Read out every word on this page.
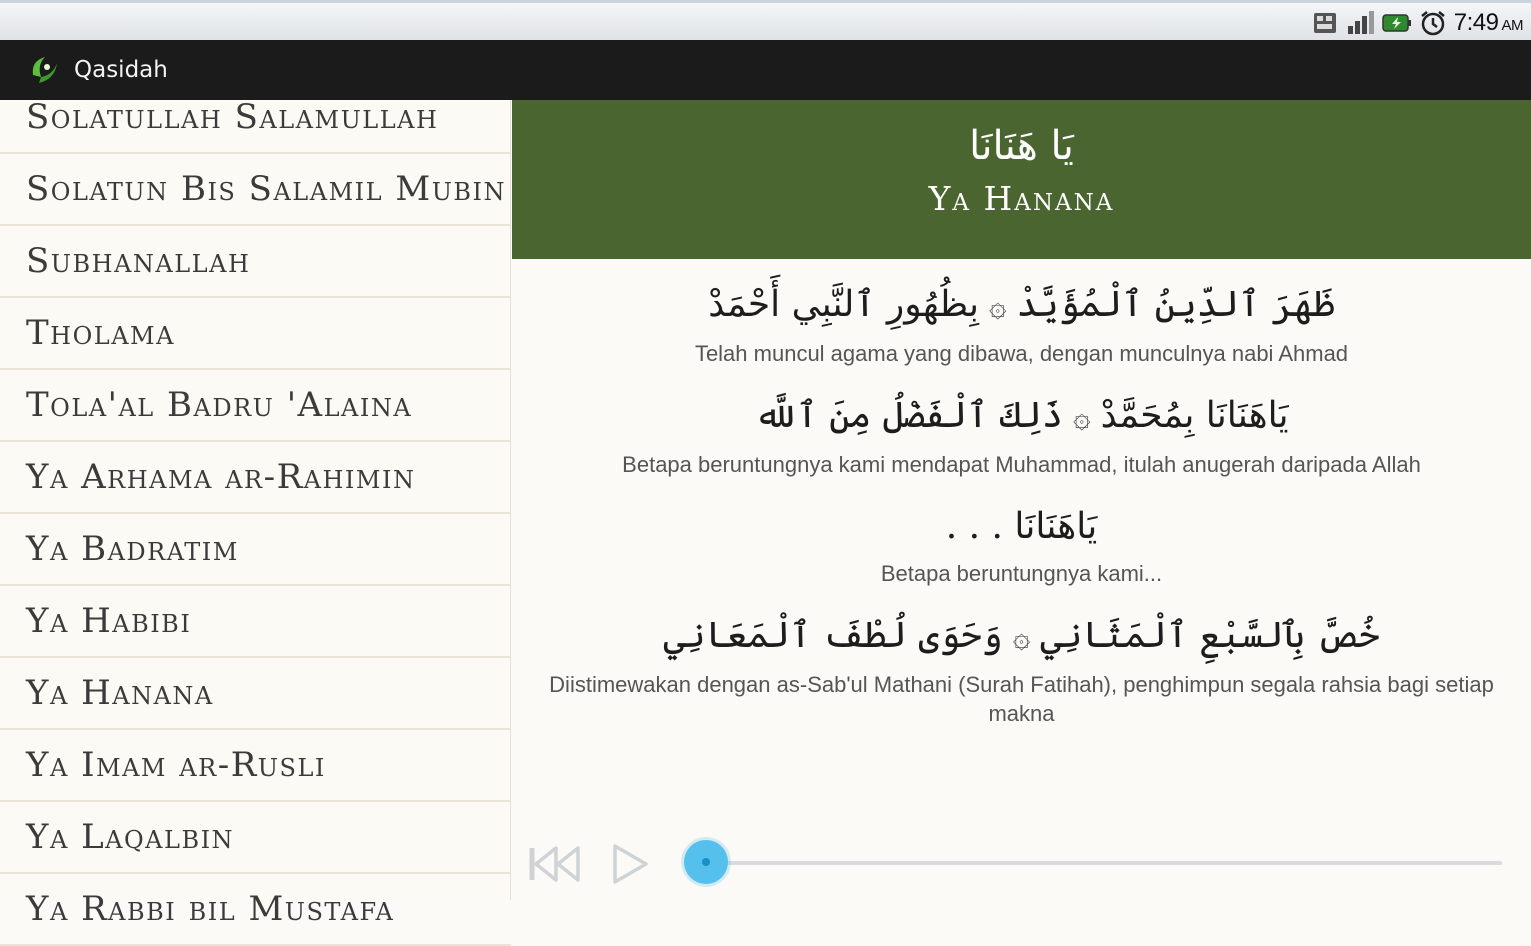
7:49 AM
Qasidah
Solatullah Salamullah
Solatun Bis Salamil Mubin
Subhanallah
Tholama
Tola'al Badru 'Alaina
Ya Arhama ar-Rahimin
Ya Badratim
Ya Habibi
Ya Hanana
Ya Imam ar-Rusli
Ya Laqalbin
Ya Rabbi bil Mustafa
يَا هَنَانَا
Ya Hanana
ظَهَرَ ٱلدِّينُ ٱلْمُؤَيَّدْ۞بِظُهُورِ ٱلنَّبِي أَحْمَدْ
Telah muncul agama yang dibawa, dengan munculnya nabi Ahmad
يَاهَنَانَا بِمُحَمَّدْ۞ذَلِكَ ٱلْفَضْلُ مِنَ ٱللَّه
Betapa beruntungnya kami mendapat Muhammad, itulah anugerah daripada Allah
يَاهَنَانَا . . .
Betapa beruntungnya kami...
خُصَّ بِٱلسَّبْعِ ٱلْمَثَانِي۞وَحَوَى لُطْفَ ٱلْمَعَانِي
Diistimewakan dengan as-Sab'ul Mathani (Surah Fatihah), penghimpun segala rahsia bagi setiap makna
